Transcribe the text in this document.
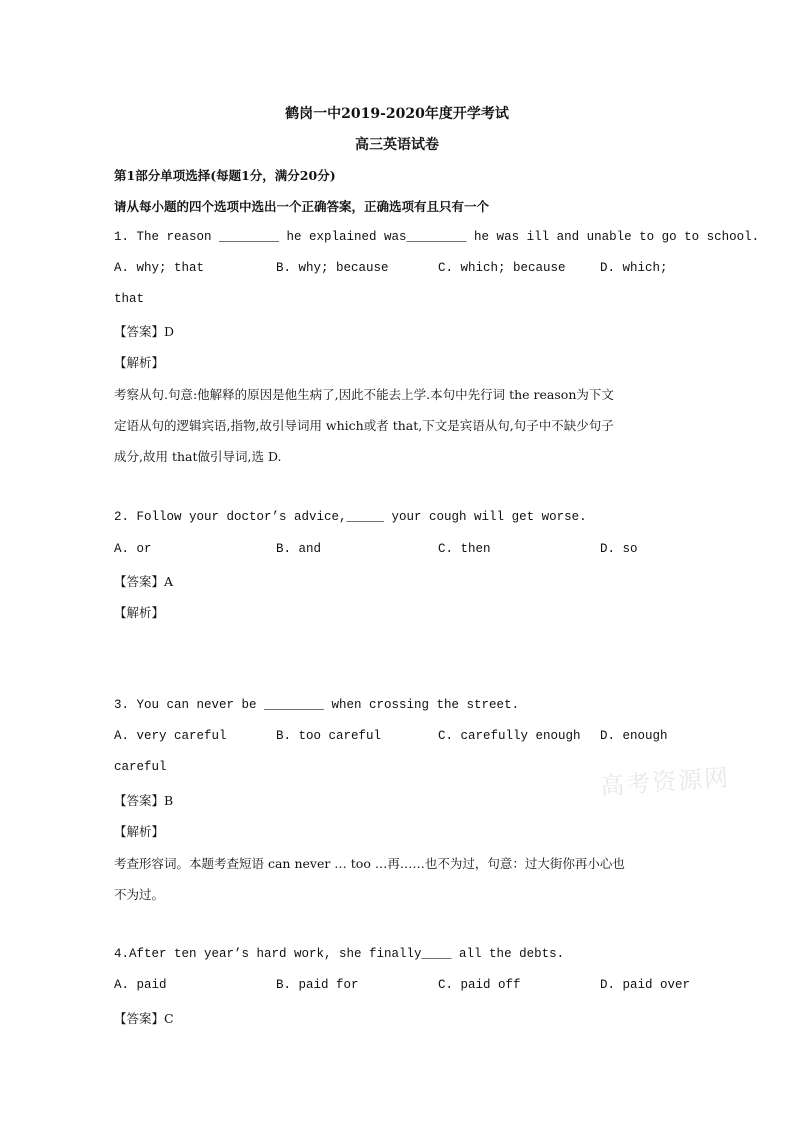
鹤岗一中2019-2020年度开学考试
高三英语试卷
第1部分单项选择(每题1分，满分20分)
请从每小题的四个选项中选出一个正确答案，正确选项有且只有一个
1. The reason ________ he explained was________ he was ill and unable to go to school.
A. why; that	B. why; because	C. which; because	D. which;
that
【答案】D
【解析】
考察从句.句意:他解释的原因是他生病了,因此不能去上学.本句中先行词 the reason为下文
定语从句的逻辑宾语,指物,故引导词用 which或者 that,下文是宾语从句,句子中不缺少句子
成分,故用 that做引导词,选 D.
2. Follow your doctor’s advice,_____ your cough will get worse.
A. or	B. and	C. then	D. so
【答案】A
【解析】
3. You can never be ________ when crossing the street.
A. very careful	B. too careful	C. carefully enough D. enough
careful
【答案】B
【解析】
考查形容词。本题考查短语 can never … too …再……也不为过，句意：过大街你再小心也
不为过。
4.After ten year’s hard work, she finally____ all the debts.
A. paid	B. paid for	C. paid off	D. paid over
【答案】C
高考资源网
